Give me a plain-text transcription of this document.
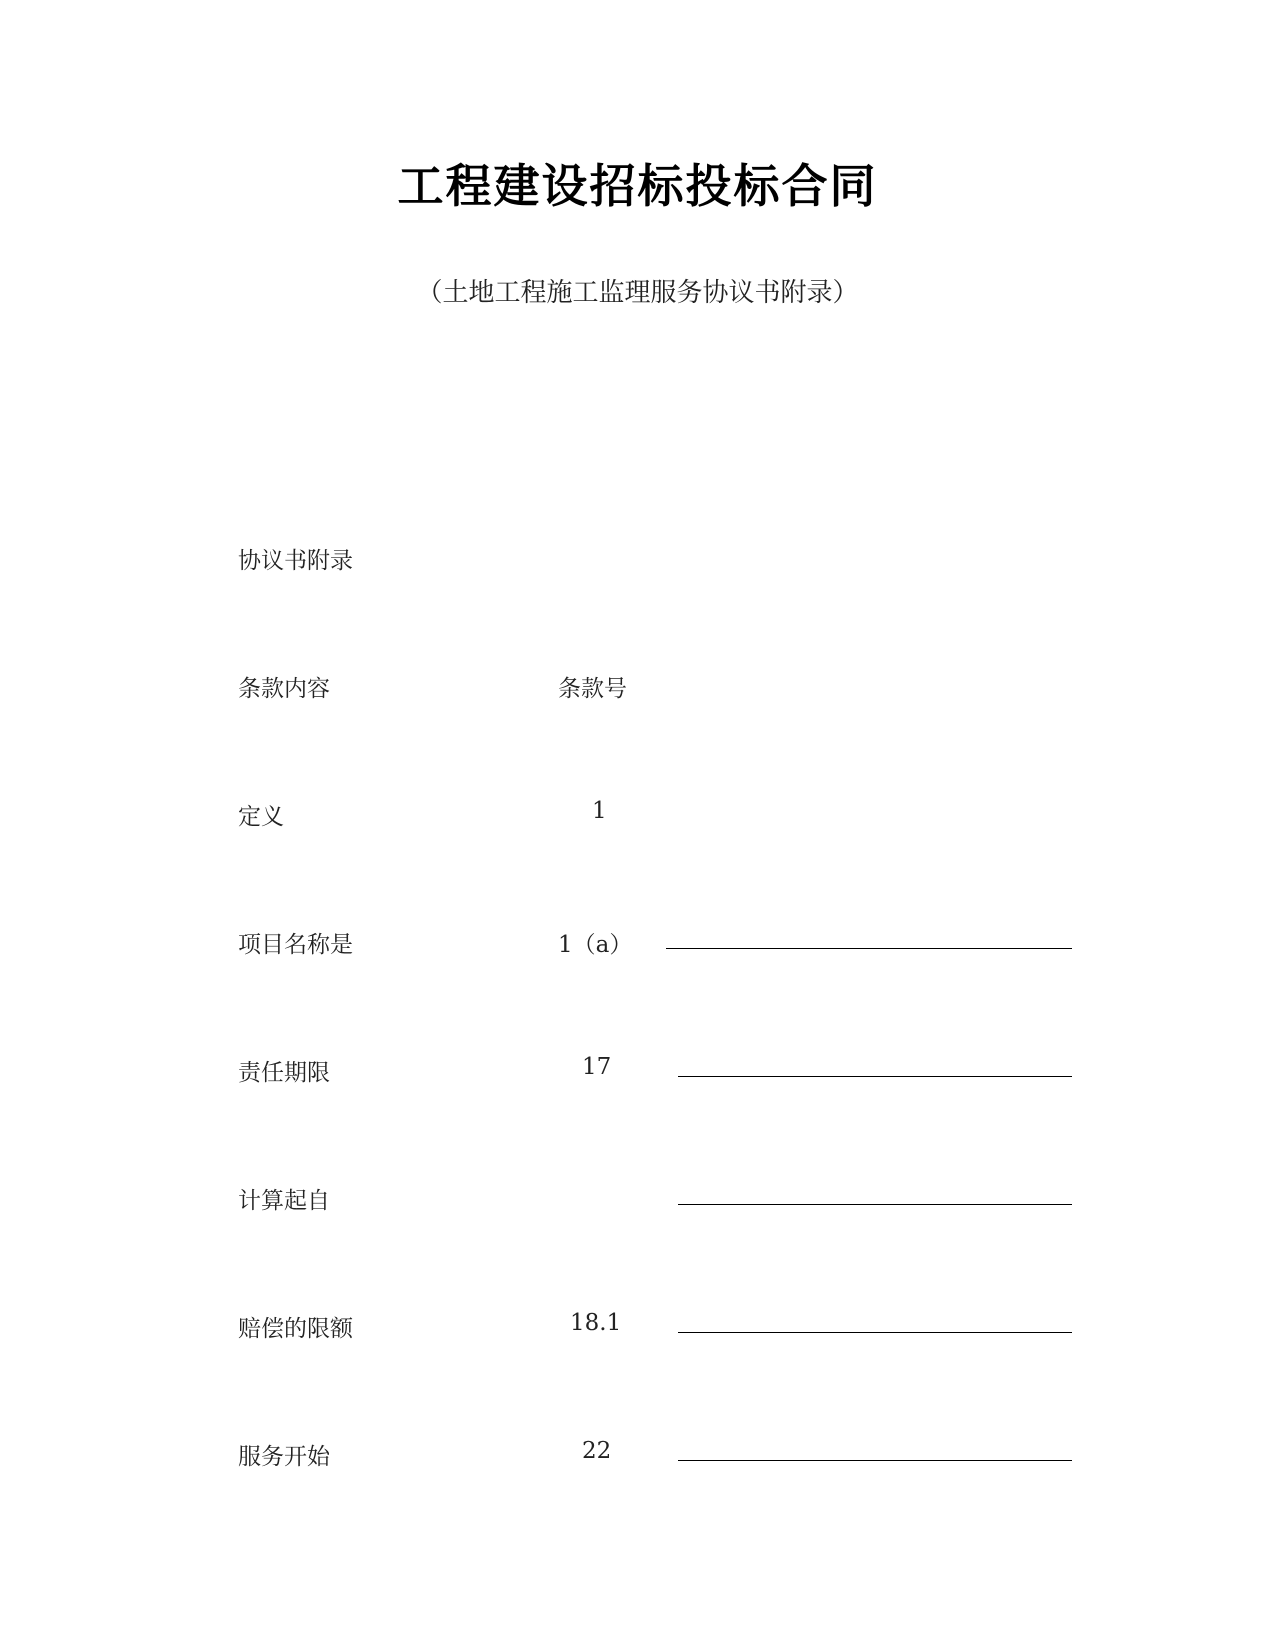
工程建设招标投标合同
（土地工程施工监理服务协议书附录）
协议书附录
条款内容	条款号
定义	1
项目名称是	1（a）
责任期限	17
计算起自
赔偿的限额	18.1
服务开始	22
